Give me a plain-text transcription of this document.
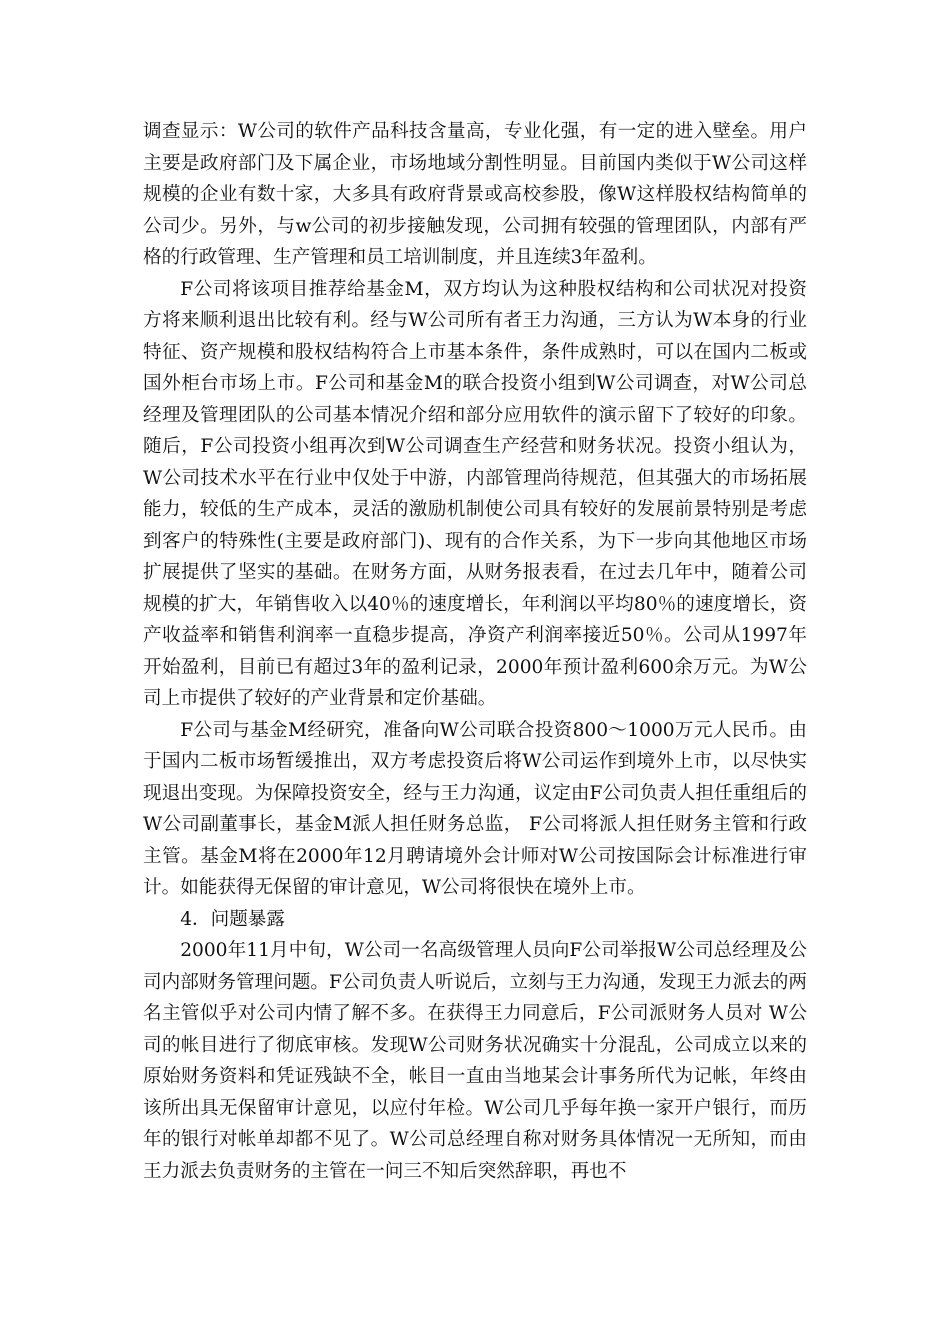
调查显示：W公司的软件产品科技含量高，专业化强，有一定的进入壁垒。用户主要是政府部门及下属企业，市场地域分割性明显。目前国内类似于W公司这样规模的企业有数十家，大多具有政府背景或高校参股，像W这样股权结构简单的公司少。另外，与w公司的初步接触发现，公司拥有较强的管理团队，内部有严格的行政管理、生产管理和员工培训制度，并且连续3年盈利。

F公司将该项目推荐给基金M，双方均认为这种股权结构和公司状况对投资方将来顺利退出比较有利。经与W公司所有者王力沟通，三方认为W本身的行业特征、资产规模和股权结构符合上市基本条件，条件成熟时，可以在国内二板或国外柜台市场上市。F公司和基金M的联合投资小组到W公司调查，对W公司总经理及管理团队的公司基本情况介绍和部分应用软件的演示留下了较好的印象。随后，F公司投资小组再次到W公司调查生产经营和财务状况。投资小组认为，W公司技术水平在行业中仅处于中游，内部管理尚待规范，但其强大的市场拓展能力，较低的生产成本，灵活的激励机制使公司具有较好的发展前景特别是考虑到客户的特殊性(主要是政府部门)、现有的合作关系，为下一步向其他地区市场扩展提供了坚实的基础。在财务方面，从财务报表看，在过去几年中，随着公司规模的扩大，年销售收入以40％的速度增长，年利润以平均80％的速度增长，资产收益率和销售利润率一直稳步提高，净资产利润率接近50％。公司从1997年开始盈利，目前已有超过3年的盈利记录，2000年预计盈利600余万元。为W公司上市提供了较好的产业背景和定价基础。

F公司与基金M经研究，准备向W公司联合投资800～1000万元人民币。由于国内二板市场暂缓推出，双方考虑投资后将W公司运作到境外上市，以尽快实现退出变现。为保障投资安全，经与王力沟通，议定由F公司负责人担任重组后的W公司副董事长，基金M派人担任财务总监， F公司将派人担任财务主管和行政主管。基金M将在2000年12月聘请境外会计师对W公司按国际会计标准进行审计。如能获得无保留的审计意见，W公司将很快在境外上市。

4．问题暴露

2000年11月中旬，W公司一名高级管理人员向F公司举报W公司总经理及公司内部财务管理问题。F公司负责人听说后，立刻与王力沟通，发现王力派去的两名主管似乎对公司内情了解不多。在获得王力同意后，F公司派财务人员对 W公司的帐目进行了彻底审核。发现W公司财务状况确实十分混乱，公司成立以来的原始财务资料和凭证残缺不全，帐目一直由当地某会计事务所代为记帐，年终由该所出具无保留审计意见，以应付年检。W公司几乎每年换一家开户银行，而历年的银行对帐单却都不见了。W公司总经理自称对财务具体情况一无所知，而由王力派去负责财务的主管在一问三不知后突然辞职，再也不
